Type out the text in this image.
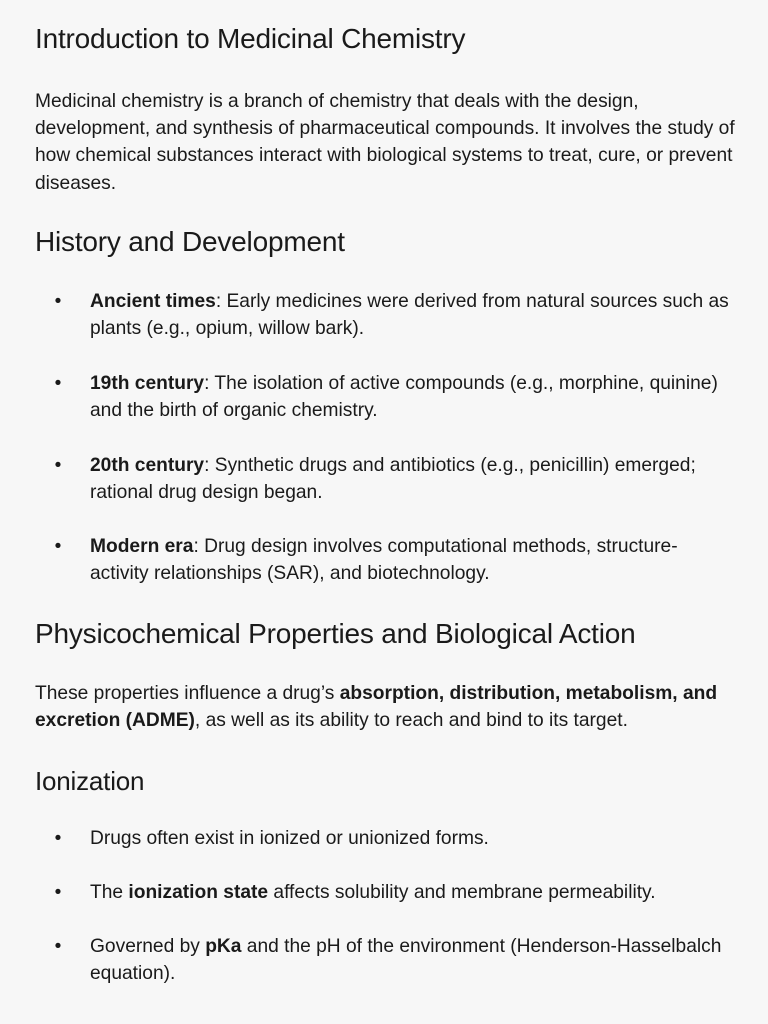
Introduction to Medicinal Chemistry

Medicinal chemistry is a branch of chemistry that deals with the design, development, and synthesis of pharmaceutical compounds. It involves the study of how chemical substances interact with biological systems to treat, cure, or prevent diseases.

History and Development
• Ancient times: Early medicines were derived from natural sources such as plants (e.g., opium, willow bark).
• 19th century: The isolation of active compounds (e.g., morphine, quinine) and the birth of organic chemistry.
• 20th century: Synthetic drugs and antibiotics (e.g., penicillin) emerged; rational drug design began.
• Modern era: Drug design involves computational methods, structure-activity relationships (SAR), and biotechnology.
Physicochemical Properties and Biological Action

These properties influence a drug’s absorption, distribution, metabolism, and excretion (ADME), as well as its ability to reach and bind to its target.

Ionization
• Drugs often exist in ionized or unionized forms.
• The ionization state affects solubility and membrane permeability.
• Governed by pKa and the pH of the environment (Henderson-Hasselbalch equation).
